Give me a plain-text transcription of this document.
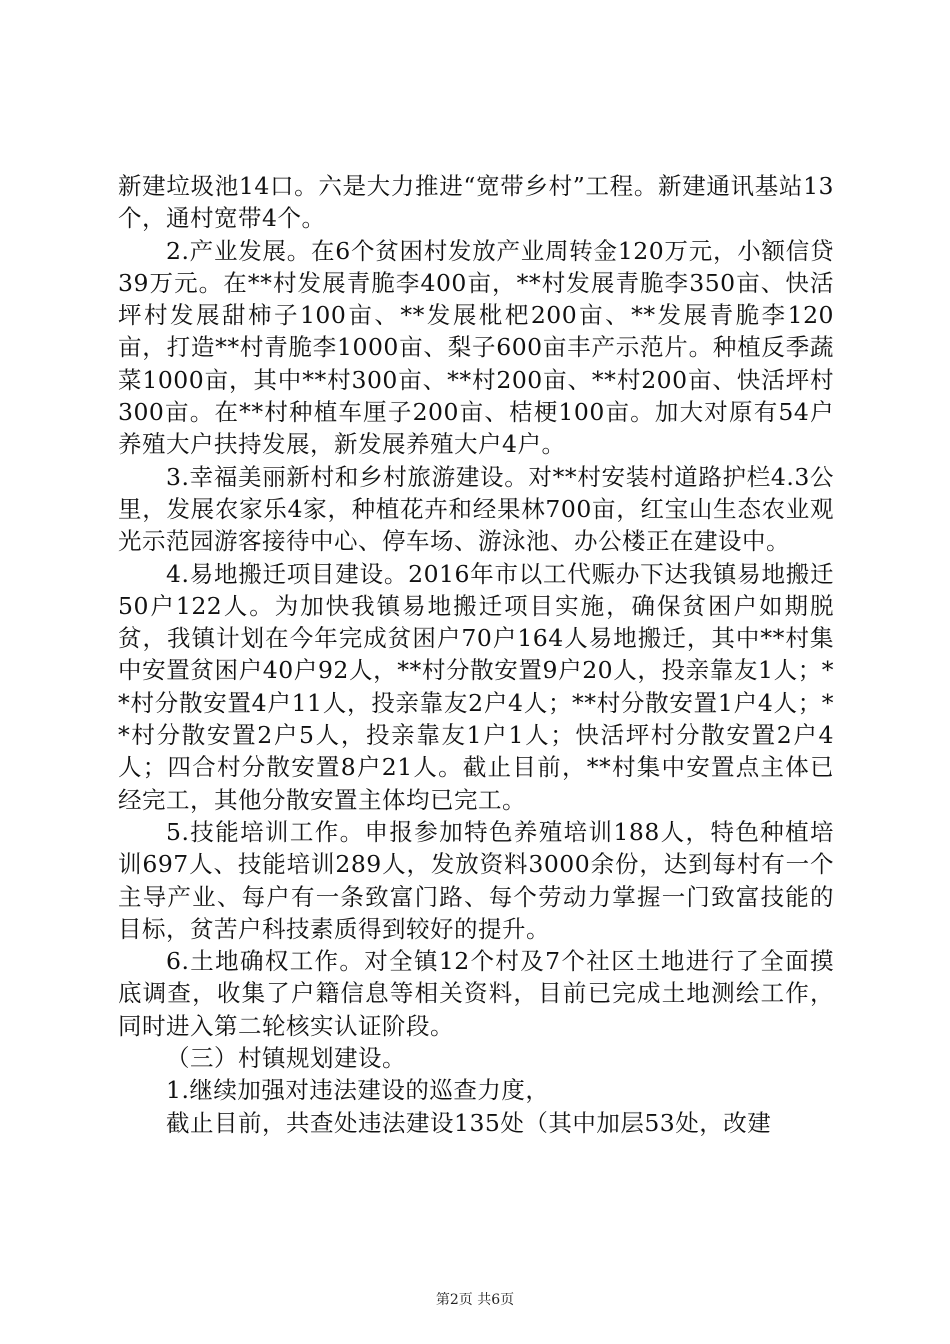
新建垃圾池14口。六是大力推进“宽带乡村”工程。新建通讯基站13个，通村宽带4个。

2.产业发展。在6个贫困村发放产业周转金120万元，小额信贷39万元。在**村发展青脆李400亩，**村发展青脆李350亩、快活坪村发展甜柿子100亩、**发展枇杷200亩、**发展青脆李120亩，打造**村青脆李1000亩、梨子600亩丰产示范片。种植反季蔬菜1000亩，其中**村300亩、**村200亩、**村200亩、快活坪村300亩。在**村种植车厘子200亩、桔梗100亩。加大对原有54户养殖大户扶持发展，新发展养殖大户4户。

3.幸福美丽新村和乡村旅游建设。对**村安装村道路护栏4.3公里，发展农家乐4家，种植花卉和经果林700亩，红宝山生态农业观光示范园游客接待中心、停车场、游泳池、办公楼正在建设中。

4.易地搬迁项目建设。2016年市以工代赈办下达我镇易地搬迁50户122人。为加快我镇易地搬迁项目实施，确保贫困户如期脱贫，我镇计划在今年完成贫困户70户164人易地搬迁，其中**村集中安置贫困户40户92人，**村分散安置9户20人，投亲靠友1人；**村分散安置4户11人，投亲靠友2户4人；**村分散安置1户4人；**村分散安置2户5人，投亲靠友1户1人；快活坪村分散安置2户4人；四合村分散安置8户21人。截止目前，**村集中安置点主体已经完工，其他分散安置主体均已完工。

5.技能培训工作。申报参加特色养殖培训188人，特色种植培训697人、技能培训289人，发放资料3000余份，达到每村有一个主导产业、每户有一条致富门路、每个劳动力掌握一门致富技能的目标，贫苦户科技素质得到较好的提升。

6.土地确权工作。对全镇12个村及7个社区土地进行了全面摸底调查，收集了户籍信息等相关资料，目前已完成土地测绘工作，同时进入第二轮核实认证阶段。

（三）村镇规划建设。

1.继续加强对违法建设的巡查力度，

截止目前，共查处违法建设135处（其中加层53处，改建

第2页 共6页
